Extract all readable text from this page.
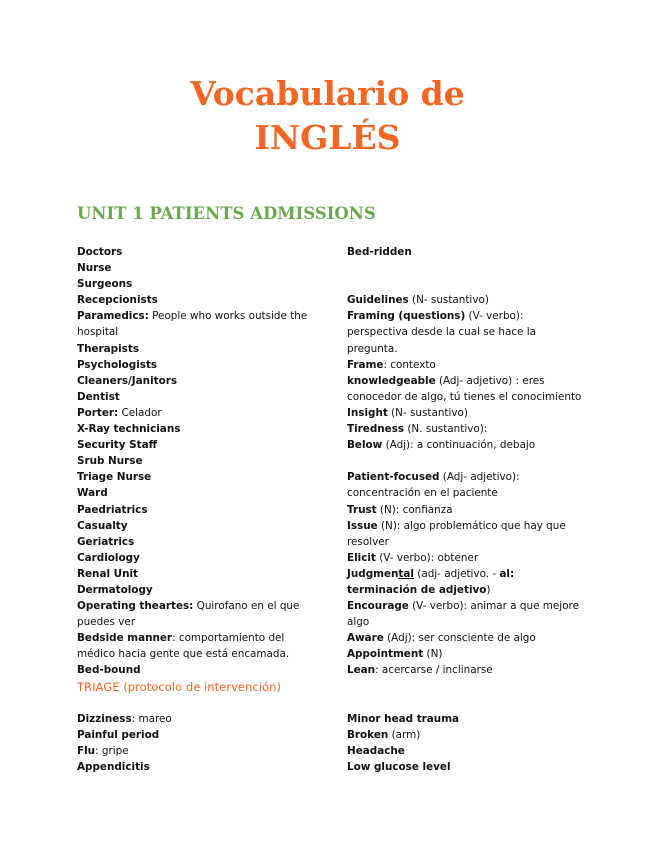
Vocabulario de
INGLÉS
UNIT 1 PATIENTS ADMISSIONS

Doctors

Nurse

Surgeons

Recepcionists

Paramedics: People who works outside the hospital

Therapists

Psychologists

Cleaners/Janitors

Dentist

Porter: Celador

X-Ray technicians

Security Staff

Srub Nurse

Triage Nurse

Ward

Paedriatrics

Casualty

Geriatrics

Cardiology

Renal Unit

Dermatology

Operating theartes: Quirofano en el que puedes ver

Bedside manner: comportamiento del médico hacia gente que está encamada.

Bed-bound

TRIAGE (protocolo de intervención)

Bed-ridden

Guidelines (N- sustantivo)

Framing (questions) (V- verbo): perspectiva desde la cual se hace la pregunta.

Frame: contexto

knowledgeable (Adj- adjetivo) : eres conocedor de algo, tú tienes el conocimiento

Insight (N- sustantivo)

Tiredness (N. sustantivo):

Below (Adj): a continuación, debajo

Patient-focused (Adj- adjetivo): concentración en el paciente

Trust (N): confianza

Issue (N): algo problemático que hay que resolver

Elicit (V- verbo): obtener

Judgmental (adj- adjetivo. - al: terminación de adjetivo)

Encourage (V- verbo): animar a que mejore algo

Aware (Adj): ser consciente de algo

Appointment (N)

Lean: acercarse / inclinarse

Dizziness: mareo

Painful period

Flu: gripe

Appendicitis

Minor head trauma

Broken (arm)

Headache

Low glucose level
